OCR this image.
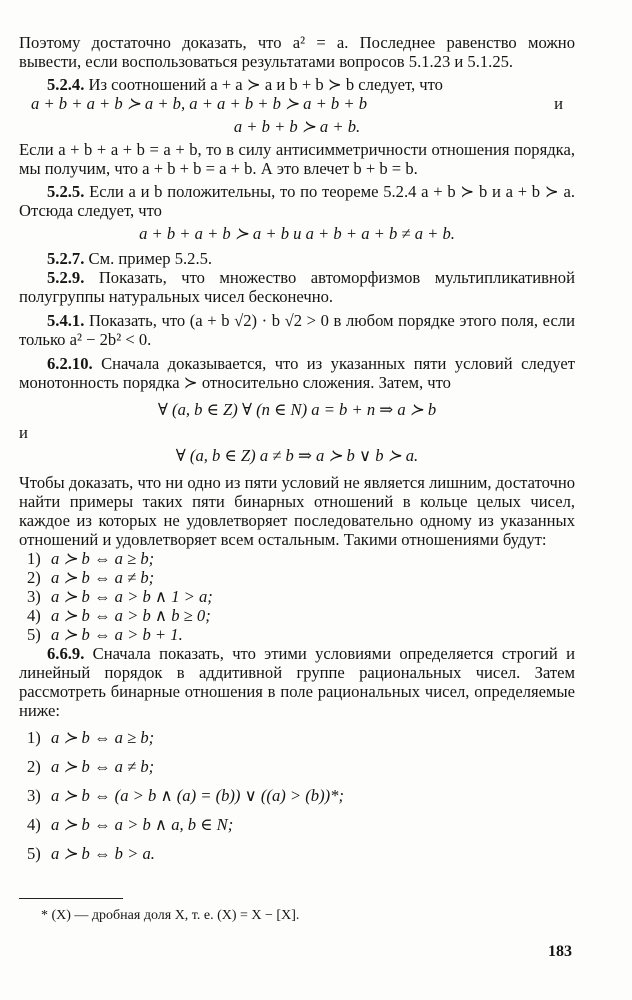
Поэтому достаточно доказать, что a² = a. Последнее равенство можно вывести, если воспользоваться результатами вопросов 5.1.23 и 5.1.25.

5.2.4. Из соотношений a + a ≻ a и b + b ≻ b следует, что

a + b + a + b ≻ a + b, a + a + b + b ≻ a + b + b	и
a + b + b ≻ a + b.

Если a + b + a + b = a + b, то в силу антисимметричности отношения порядка, мы получим, что a + b + b = a + b. А это влечет b + b = b.

5.2.5. Если a и b положительны, то по теореме 5.2.4 a + b ≻ b и a + b ≻ a. Отсюда следует, что

a + b + a + b ≻ a + b и a + b + a + b ≠ a + b.

5.2.7. См. пример 5.2.5.

5.2.9. Показать, что множество автоморфизмов мультипликативной полугруппы натуральных чисел бесконечно.

5.4.1. Показать, что (a + b √2) · b √2 > 0 в любом порядке этого поля, если только a² − 2b² < 0.

6.2.10. Сначала доказывается, что из указанных пяти условий следует монотонность порядка ≻ относительно сложения. Затем, что

∀ (a, b ∈ Z) ∀ (n ∈ N) a = b + n ⇒ a ≻ b
и
∀ (a, b ∈ Z) a ≠ b ⇒ a ≻ b ∨ b ≻ a.

Чтобы доказать, что ни одно из пяти условий не является лишним, достаточно найти примеры таких пяти бинарных отношений в кольце целых чисел, каждое из которых не удовлетворяет последовательно одному из указанных отношений и удовлетворяет всем остальным. Такими отношениями будут:

1) a ≻ b ⇔ a ≥ b;
2) a ≻ b ⇔ a ≠ b;
3) a ≻ b ⇔ a > b ∧ 1 > a;
4) a ≻ b ⇔ a > b ∧ b ≥ 0;
5) a ≻ b ⇔ a > b + 1.

6.6.9. Сначала показать, что этими условиями определяется строгий и линейный порядок в аддитивной группе рациональных чисел. Затем рассмотреть бинарные отношения в поле рациональных чисел, определяемые ниже:

1) a ≻ b ⇔ a ≥ b;
2) a ≻ b ⇔ a ≠ b;
3) a ≻ b ⇔ (a > b ∧ (a) = (b)) ∨ ((a) > (b))*;
4) a ≻ b ⇔ a > b ∧ a, b ∈ N;
5) a ≻ b ⇔ b > a.
* (X) — дробная доля X, т. е. (X) = X − [X].
183
